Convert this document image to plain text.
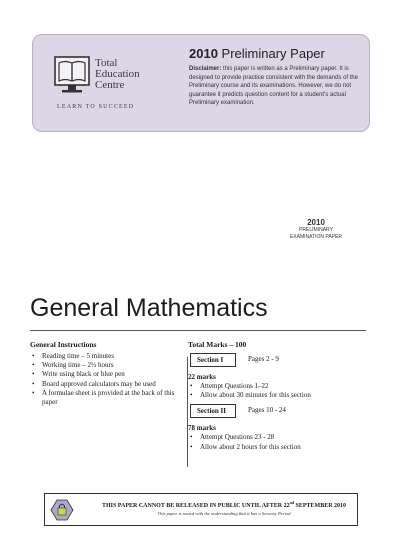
Total
Education
Centre
LEARN TO SUCCEED
2010 Preliminary Paper
Disclaimer: this paper is written as a Preliminary paper. It is designed to provide practice consistent with the demands of the Preliminary course and its examinations. However, we do not guarantee it predicts question content for a student's actual Preliminary examination.
2010
PRELIMINARY
EXAMINATION PAPER
General Mathematics
General Instructions
• Reading time – 5 minutes
• Working time – 2½ hours
• Write using black or blue pen
• Board approved calculators may be used
• A formulae sheet is provided at the back of this paper
Total Marks – 100
Section I	Pages 2 - 9
22 marks
• Attempt Questions 1–22
• Allow about 30 minutes for this section
Section II	Pages 10 - 24
78 marks
• Attempt Questions 23 - 28
• Allow about 2 hours for this section
THIS PAPER CANNOT BE RELEASED IN PUBLIC UNTIL AFTER 22nd SEPTEMBER 2010
This paper is issued with the understanding that it has a Security Period
